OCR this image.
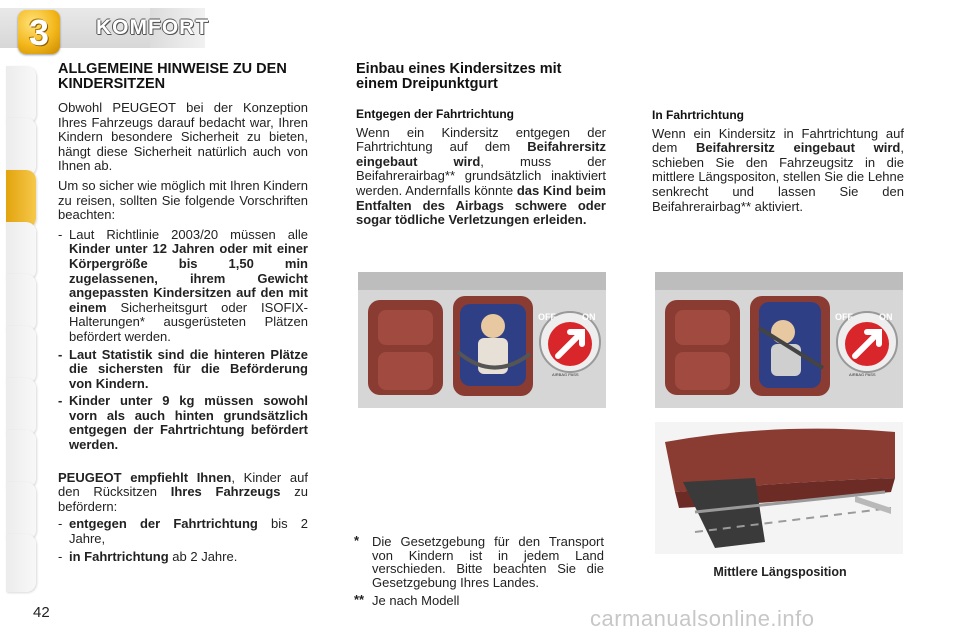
3	KOMFORT
ALLGEMEINE HINWEISE ZU DEN KINDERSITZEN

Obwohl PEUGEOT bei der Konzeption Ihres Fahrzeugs darauf bedacht war, Ihren Kindern besondere Sicherheit zu bieten, hängt diese Sicherheit natürlich auch von Ihnen ab.

Um so sicher wie möglich mit Ihren Kindern zu reisen, sollten Sie folgende Vorschriften beachten:

- Laut Richtlinie 2003/20 müssen alle Kinder unter 12 Jahren oder mit einer Körpergröße bis 1,50 min zugelassenen, ihrem Gewicht angepassten Kindersitzen auf den mit einem Sicherheitsgurt oder ISOFIX-Halterungen* ausgerüsteten Plätzen befördert werden.
- Laut Statistik sind die hinteren Plätze die sichersten für die Beförderung von Kindern.
- Kinder unter 9 kg müssen sowohl vorn als auch hinten grundsätzlich entgegen der Fahrtrichtung befördert werden.

PEUGEOT empfiehlt Ihnen, Kinder auf den Rücksitzen Ihres Fahrzeugs zu befördern:

- entgegen der Fahrtrichtung bis 2 Jahre,
- in Fahrtrichtung ab 2 Jahre.
Einbau eines Kindersitzes mit einem Dreipunktgurt
Entgegen der Fahrtrichtung

Wenn ein Kindersitz entgegen der Fahrtrichtung auf dem Beifahrersitz eingebaut wird, muss der Beifahrerairbag** grundsätzlich inaktiviert werden. Andernfalls könnte das Kind beim Entfalten des Airbags schwere oder sogar tödliche Verletzungen erleiden.

In Fahrtrichtung

Wenn ein Kindersitz in Fahrtrichtung auf dem Beifahrersitz eingebaut wird, schieben Sie den Fahrzeugsitz in die mittlere Längspositon, stellen Sie die Lehne senkrecht und lassen Sie den Beifahrerairbag** aktiviert.

OFF	ON
AIRBAG PASS
OFF	ON
AIRBAG PASS
Mittlere Längsposition
* Die Gesetzgebung für den Transport von Kindern ist in jedem Land verschieden. Bitte beachten Sie die Gesetzgebung Ihres Landes.
** Je nach Modell
42	carmanualsonline.info
